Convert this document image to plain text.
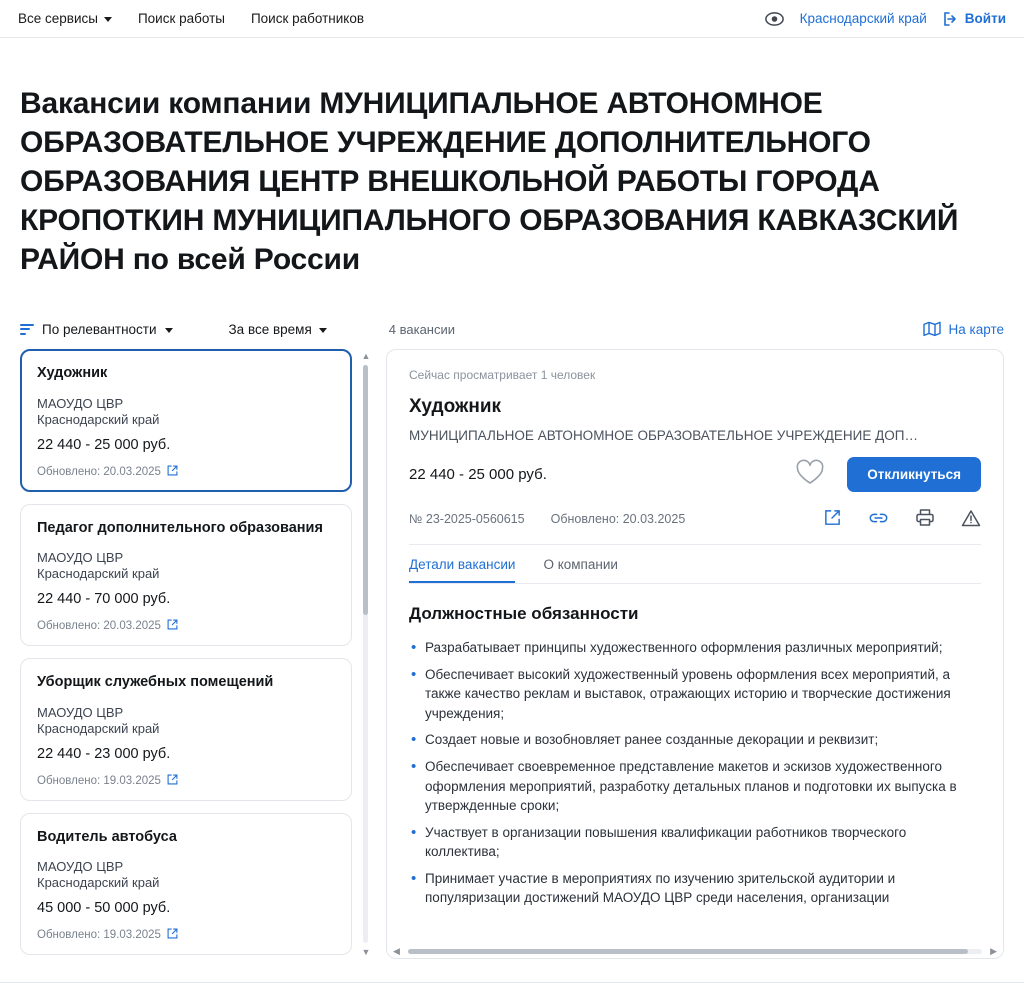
Все сервисы	Поиск работы Поиск работников	Краснодарский край	Войти
Вакансии компании МУНИЦИПАЛЬНОЕ АВТОНОМНОЕ ОБРАЗОВАТЕЛЬНОЕ УЧРЕЖДЕНИЕ ДОПОЛНИТЕЛЬНОГО ОБРАЗОВАНИЯ ЦЕНТР ВНЕШКОЛЬНОЙ РАБОТЫ ГОРОДА КРОПОТКИН МУНИЦИПАЛЬНОГО ОБРАЗОВАНИЯ КАВКАЗСКИЙ РАЙОН по всей России
По релевантности	За все время	4 вакансии	На карте
Художник
МАОУДО ЦВР
Краснодарский край
22 440 - 25 000 руб.
Обновлено: 20.03.2025
Педагог дополнительного образования
МАОУДО ЦВР
Краснодарский край
22 440 - 70 000 руб.
Обновлено: 20.03.2025
Уборщик служебных помещений
МАОУДО ЦВР
Краснодарский край
22 440 - 23 000 руб.
Обновлено: 19.03.2025
Водитель автобуса
МАОУДО ЦВР
Краснодарский край
45 000 - 50 000 руб.
Обновлено: 19.03.2025
▲
▼
Сейчас просматривает 1 человек
Художник
МУНИЦИПАЛЬНОЕ АВТОНОМНОЕ ОБРАЗОВАТЕЛЬНОЕ УЧРЕЖДЕНИЕ ДОП…
22 440 - 25 000 руб.	Откликнуться
№ 23-2025-0560615 Обновлено: 20.03.2025
Детали вакансии О компании
Должностные обязанности
• Разрабатывает принципы художественного оформления различных мероприятий;
• Обеспечивает высокий художественный уровень оформления всех мероприятий, а также качество реклам и выставок, отражающих историю и творческие достижения учреждения;
• Создает новые и возобновляет ранее созданные декорации и реквизит;
• Обеспечивает своевременное представление макетов и эскизов художественного оформления мероприятий, разработку детальных планов и подготовки их выпуска в утвержденные сроки;
• Участвует в организации повышения квалификации работников творческого коллектива;
• Принимает участие в мероприятиях по изучению зрительской аудитории и популяризации достижений МАОУДО ЦВР среди населения, организации
◀	▶
